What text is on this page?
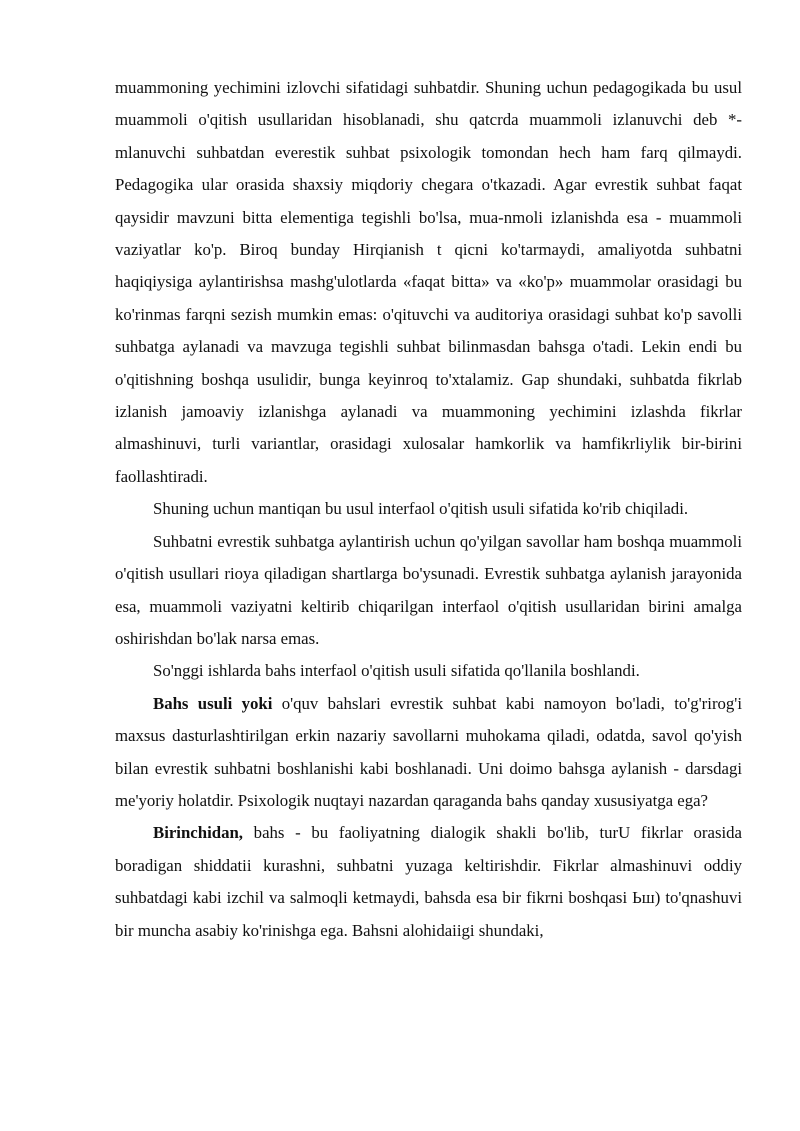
muammoning yechimini izlovchi sifatidagi suhbatdir. Shuning uchun pedagogikada bu usul muammoli o'qitish usullaridan hisoblanadi, shu qatcrda muammoli izlanuvchi deb *- mlanuvchi suhbatdan everestik suhbat psixologik tomondan hech ham farq qilmaydi. Pedagogika ular orasida shaxsiy miqdoriy chegara o'tkazadi. Agar evrestik suhbat faqat qaysidir mavzuni bitta elementiga tegishli bo'lsa, mua-nmoli izlanishda esa - muammoli vaziyatlar ko'p. Biroq bunday Hirqianish t qicni ko'tarmaydi, amaliyotda suhbatni haqiqiysiga aylantirishsa mashg'ulotlarda «faqat bitta» va «ko'p» muammolar orasidagi bu ko'rinmas farqni sezish mumkin emas: o'qituvchi va auditoriya orasidagi suhbat ko'p savolli suhbatga aylanadi va mavzuga tegishli suhbat bilinmasdan bahsga o'tadi. Lekin endi bu o'qitishning boshqa usulidir, bunga keyinroq to'xtalamiz. Gap shundaki, suhbatda fikrlab izlanish jamoaviy izlanishga aylanadi va muammoning yechimini izlashda fikrlar almashinuvi, turli variantlar, orasidagi xulosalar hamkorlik va hamfikrliylik bir-birini faollashtiradi.

Shuning uchun mantiqan bu usul interfaol o'qitish usuli sifatida ko'rib chiqiladi.

Suhbatni evrestik suhbatga aylantirish uchun qo'yilgan savollar ham boshqa muammoli o'qitish usullari rioya qiladigan shartlarga bo'ysunadi. Evrestik suhbatga aylanish jarayonida esa, muammoli vaziyatni keltirib chiqarilgan interfaol o'qitish usullaridan birini amalga oshirishdan bo'lak narsa emas.

So'nggi ishlarda bahs interfaol o'qitish usuli sifatida qo'llanila boshlandi.

Bahs usuli yoki o'quv bahslari evrestik suhbat kabi namoyon bo'ladi, to'g'rirog'i maxsus dasturlashtirilgan erkin nazariy savollarni muhokama qiladi, odatda, savol qo'yish bilan evrestik suhbatni boshlanishi kabi boshlanadi. Uni doimo bahsga aylanish - darsdagi me'yoriy holatdir. Psixologik nuqtayi nazardan qaraganda bahs qanday xususiyatga ega?

Birinchidan, bahs - bu faoliyatning dialogik shakli bo'lib, turU fikrlar orasida boradigan shiddatii kurashni, suhbatni yuzaga keltirishdir. Fikrlar almashinuvi oddiy suhbatdagi kabi izchil va salmoqli ketmaydi, bahsda esa bir fikrni boshqasi Ьш) to'qnashuvi bir muncha asabiy ko'rinishga ega. Bahsni alohidaiigi shundaki,
